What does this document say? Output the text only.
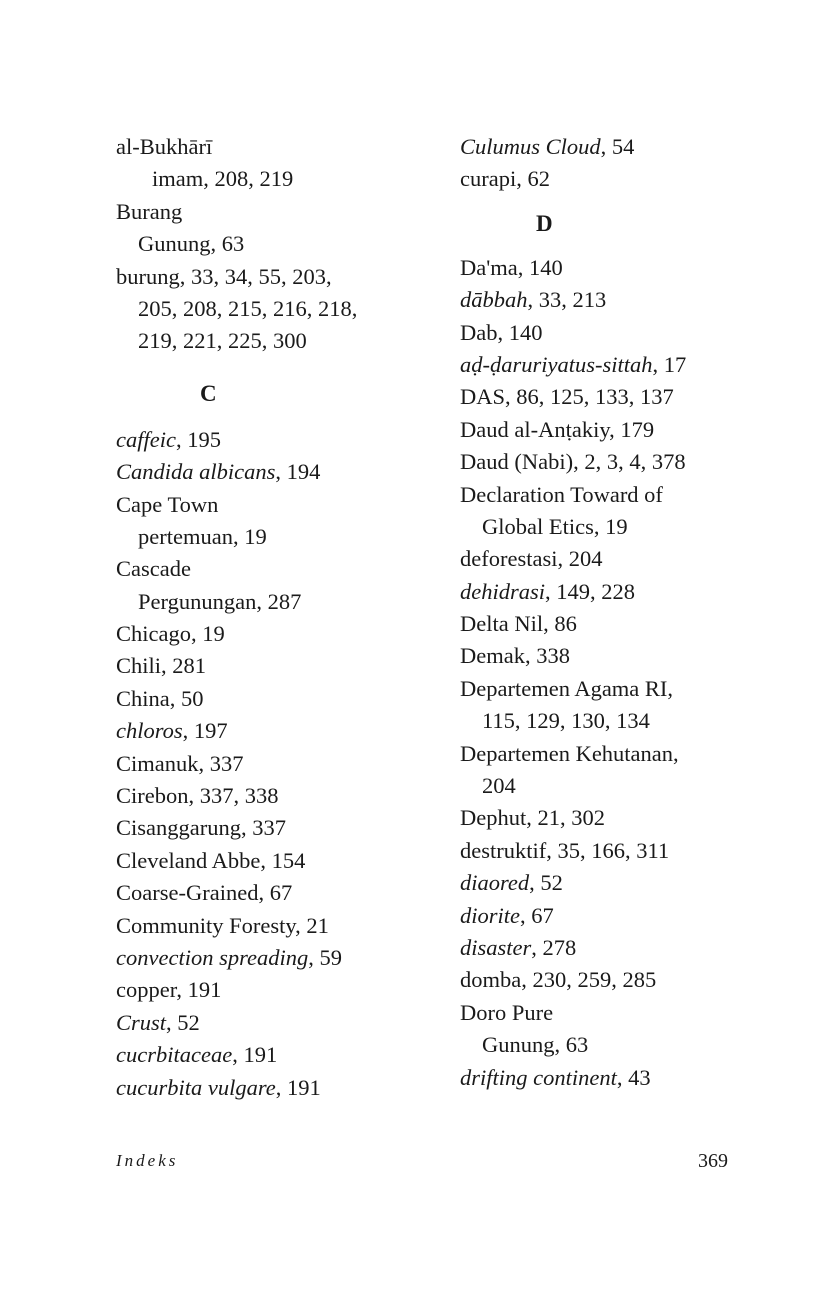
al-Bukhārī
imam, 208, 219
Burang
Gunung, 63
burung, 33, 34, 55, 203,
205, 208, 215, 216, 218,
219, 221, 225, 300
C
caffeic, 195
Candida albicans, 194
Cape Town
pertemuan, 19
Cascade
Pergunungan, 287
Chicago, 19
Chili, 281
China, 50
chloros, 197
Cimanuk, 337
Cirebon, 337, 338
Cisanggarung, 337
Cleveland Abbe, 154
Coarse-Grained, 67
Community Foresty, 21
convection spreading, 59
copper, 191
Crust, 52
cucrbitaceae, 191
cucurbita vulgare, 191
Culumus Cloud, 54
curapi, 62
D
Da'ma, 140
dābbah, 33, 213
Dab, 140
aḍ-ḍaruriyatus-sittah, 17
DAS, 86, 125, 133, 137
Daud al-Anṭakiy, 179
Daud (Nabi), 2, 3, 4, 378
Declaration Toward of
Global Etics, 19
deforestasi, 204
dehidrasi, 149, 228
Delta Nil, 86
Demak, 338
Departemen Agama RI,
115, 129, 130, 134
Departemen Kehutanan,
204
Dephut, 21, 302
destruktif, 35, 166, 311
diaored, 52
diorite, 67
disaster, 278
domba, 230, 259, 285
Doro Pure
Gunung, 63
drifting continent, 43
Indeks	369
